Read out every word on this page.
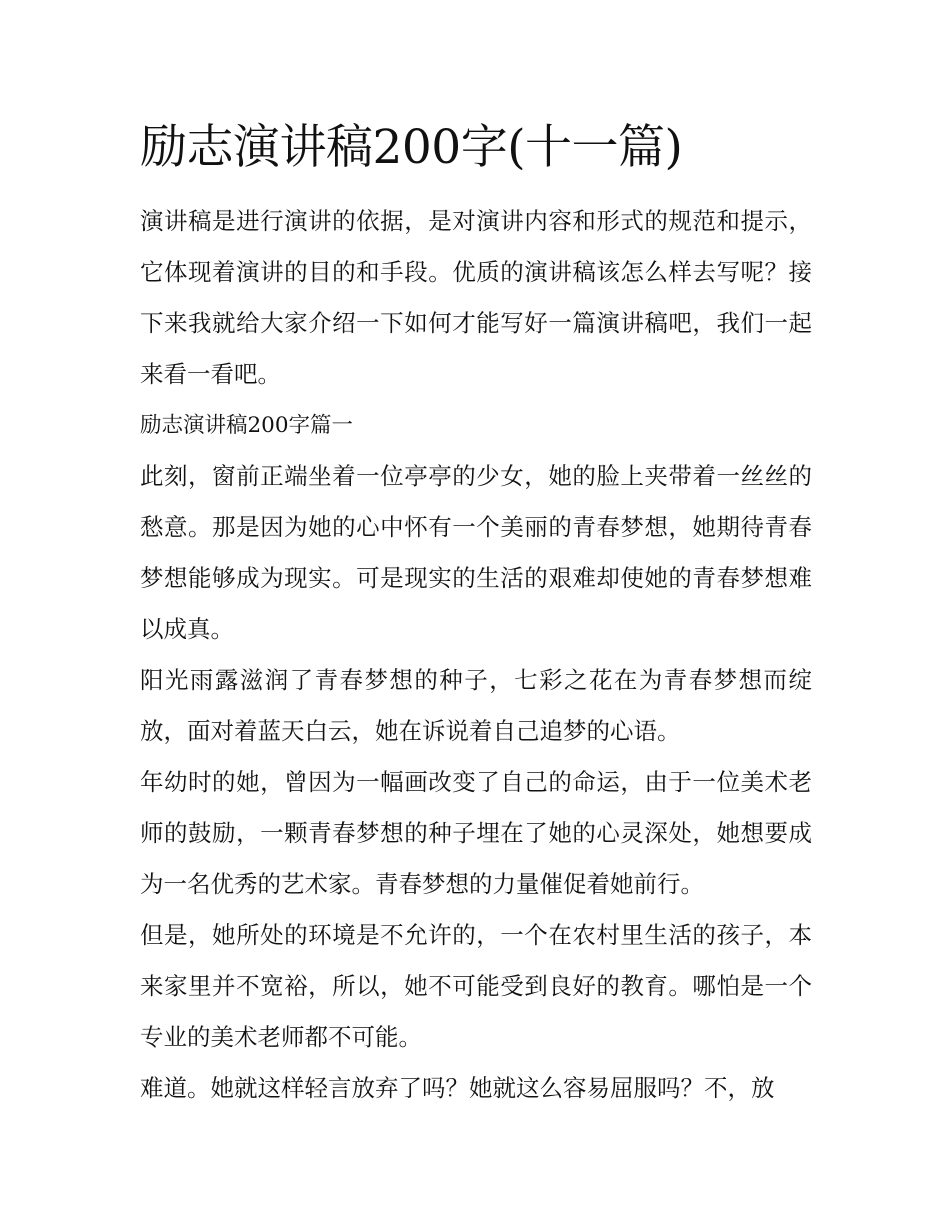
励志演讲稿200字(十一篇)

演讲稿是进行演讲的依据，是对演讲内容和形式的规范和提示，它体现着演讲的目的和手段。优质的演讲稿该怎么样去写呢？接下来我就给大家介绍一下如何才能写好一篇演讲稿吧，我们一起来看一看吧。

励志演讲稿200字篇一

此刻，窗前正端坐着一位亭亭的少女，她的脸上夹带着一丝丝的愁意。那是因为她的心中怀有一个美丽的青春梦想，她期待青春梦想能够成为现实。可是现实的生活的艰难却使她的青春梦想难以成真。

阳光雨露滋润了青春梦想的种子，七彩之花在为青春梦想而绽放，面对着蓝天白云，她在诉说着自己追梦的心语。

年幼时的她，曾因为一幅画改变了自己的命运，由于一位美术老师的鼓励，一颗青春梦想的种子埋在了她的心灵深处，她想要成为一名优秀的艺术家。青春梦想的力量催促着她前行。

但是，她所处的环境是不允许的，一个在农村里生活的孩子，本来家里并不宽裕，所以，她不可能受到良好的教育。哪怕是一个专业的美术老师都不可能。

难道。她就这样轻言放弃了吗？她就这么容易屈服吗？不，放
